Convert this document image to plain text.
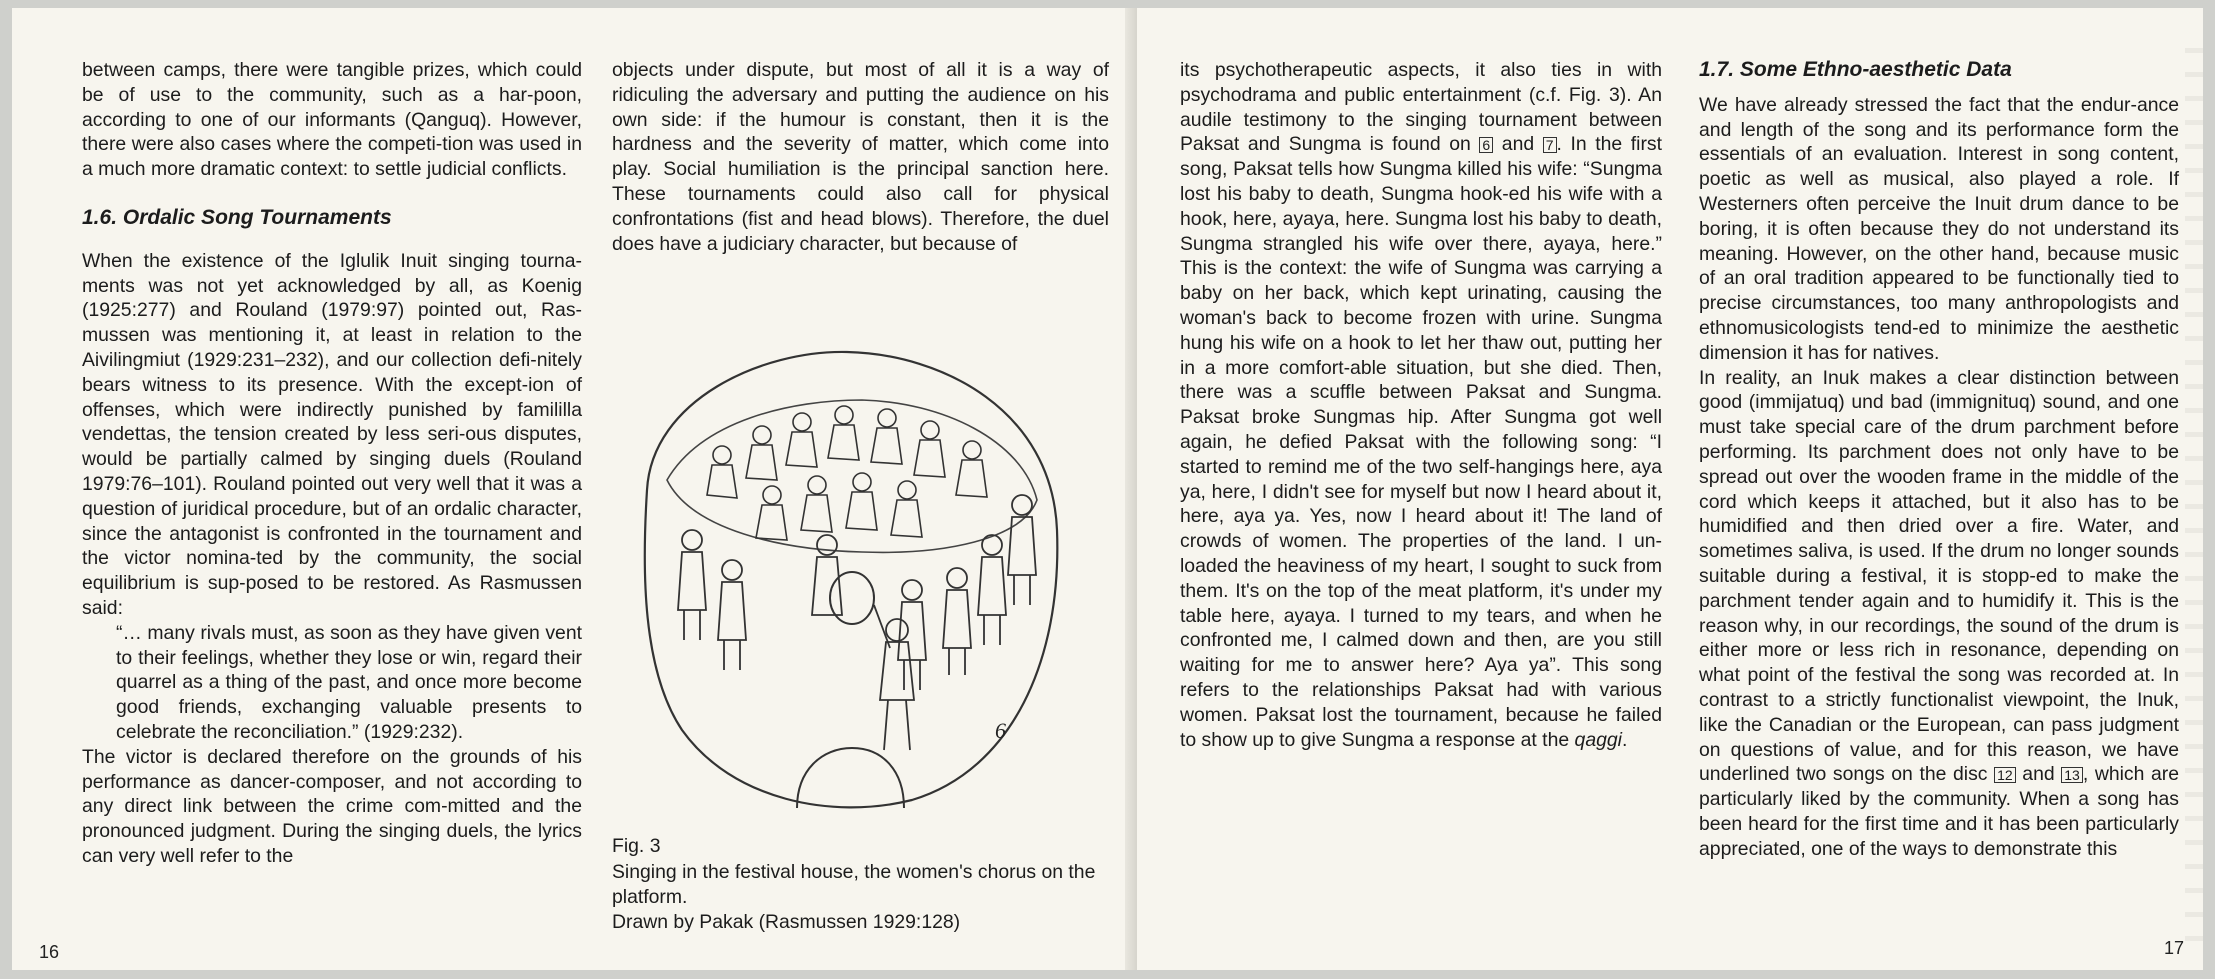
between camps, there were tangible prizes, which could be of use to the community, such as a har-poon, according to one of our informants (Qanguq). However, there were also cases where the competi-tion was used in a much more dramatic context: to settle judicial conflicts.

1.6. Ordalic Song Tournaments

When the existence of the Iglulik Inuit singing tourna-ments was not yet acknowledged by all, as Koenig (1925:277) and Rouland (1979:97) pointed out, Ras-mussen was mentioning it, at least in relation to the Aivilingmiut (1929:231–232), and our collection defi-nitely bears witness to its presence. With the except-ion of offenses, which were indirectly punished by famililla vendettas, the tension created by less seri-ous disputes, would be partially calmed by singing duels (Rouland 1979:76–101). Rouland pointed out very well that it was a question of juridical procedure, but of an ordalic character, since the antagonist is confronted in the tournament and the victor nomina-ted by the community, the social equilibrium is sup-posed to be restored. As Rasmussen said:

“… many rivals must, as soon as they have given vent to their feelings, whether they lose or win, regard their quarrel as a thing of the past, and once more become good friends, exchanging valuable presents to celebrate the reconciliation.” (1929:232).

The victor is declared therefore on the grounds of his performance as dancer-composer, and not according to any direct link between the crime com-mitted and the pronounced judgment. During the singing duels, the lyrics can very well refer to the

objects under dispute, but most of all it is a way of ridiculing the adversary and putting the audience on his own side: if the humour is constant, then it is the hardness and the severity of matter, which come into play. Social humiliation is the principal sanction here. These tournaments could also call for physical confrontations (fist and head blows). Therefore, the duel does have a judiciary character, but because of

6
Fig. 3
Singing in the festival house, the women's chorus on the platform.
Drawn by Pakak (Rasmussen 1929:128)
16

its psychotherapeutic aspects, it also ties in with psychodrama and public entertainment (c.f. Fig. 3). An audile testimony to the singing tournament between Paksat and Sungma is found on 6 and 7 . In the first song, Paksat tells how Sungma killed his wife: “Sungma lost his baby to death, Sungma hook-ed his wife with a hook, here, ayaya, here. Sungma lost his baby to death, Sungma strangled his wife over there, ayaya, here.” This is the context: the wife of Sungma was carrying a baby on her back, which kept urinating, causing the woman's back to become frozen with urine. Sungma hung his wife on a hook to let her thaw out, putting her in a more comfort-able situation, but she died. Then, there was a scuffle between Paksat and Sungma. Paksat broke Sungmas hip. After Sungma got well again, he defied Paksat with the following song: “I started to remind me of the two self-hangings here, aya ya, here, I didn't see for myself but now I heard about it, here, aya ya. Yes, now I heard about it! The land of crowds of women. The properties of the land. I un-loaded the heaviness of my heart, I sought to suck from them. It's on the top of the meat platform, it's under my table here, ayaya. I turned to my tears, and when he confronted me, I calmed down and then, are you still waiting for me to answer here? Aya ya”. This song refers to the relationships Paksat had with various women. Paksat lost the tournament, because he failed to show up to give Sungma a response at the qaggi.

1.7. Some Ethno-aesthetic Data

We have already stressed the fact that the endur-ance and length of the song and its performance form the essentials of an evaluation. Interest in song content, poetic as well as musical, also played a role. If Westerners often perceive the Inuit drum dance to be boring, it is often because they do not understand its meaning. However, on the other hand, because music of an oral tradition appeared to be functionally tied to precise circumstances, too many anthropologists and ethnomusicologists tend-ed to minimize the aesthetic dimension it has for natives.

In reality, an Inuk makes a clear distinction between good (immijatuq) und bad (immignituq) sound, and one must take special care of the drum parchment before performing. Its parchment does not only have to be spread out over the wooden frame in the middle of the cord which keeps it attached, but it also has to be humidified and then dried over a fire. Water, and sometimes saliva, is used. If the drum no longer sounds suitable during a festival, it is stopp-ed to make the parchment tender again and to humidify it. This is the reason why, in our recordings, the sound of the drum is either more or less rich in resonance, depending on what point of the festival the song was recorded at. In contrast to a strictly functionalist viewpoint, the Inuk, like the Canadian or the European, can pass judgment on questions of value, and for this reason, we have underlined two songs on the disc 12 and 13 , which are particularly liked by the community. When a song has been heard for the first time and it has been particularly appreciated, one of the ways to demonstrate this

17
